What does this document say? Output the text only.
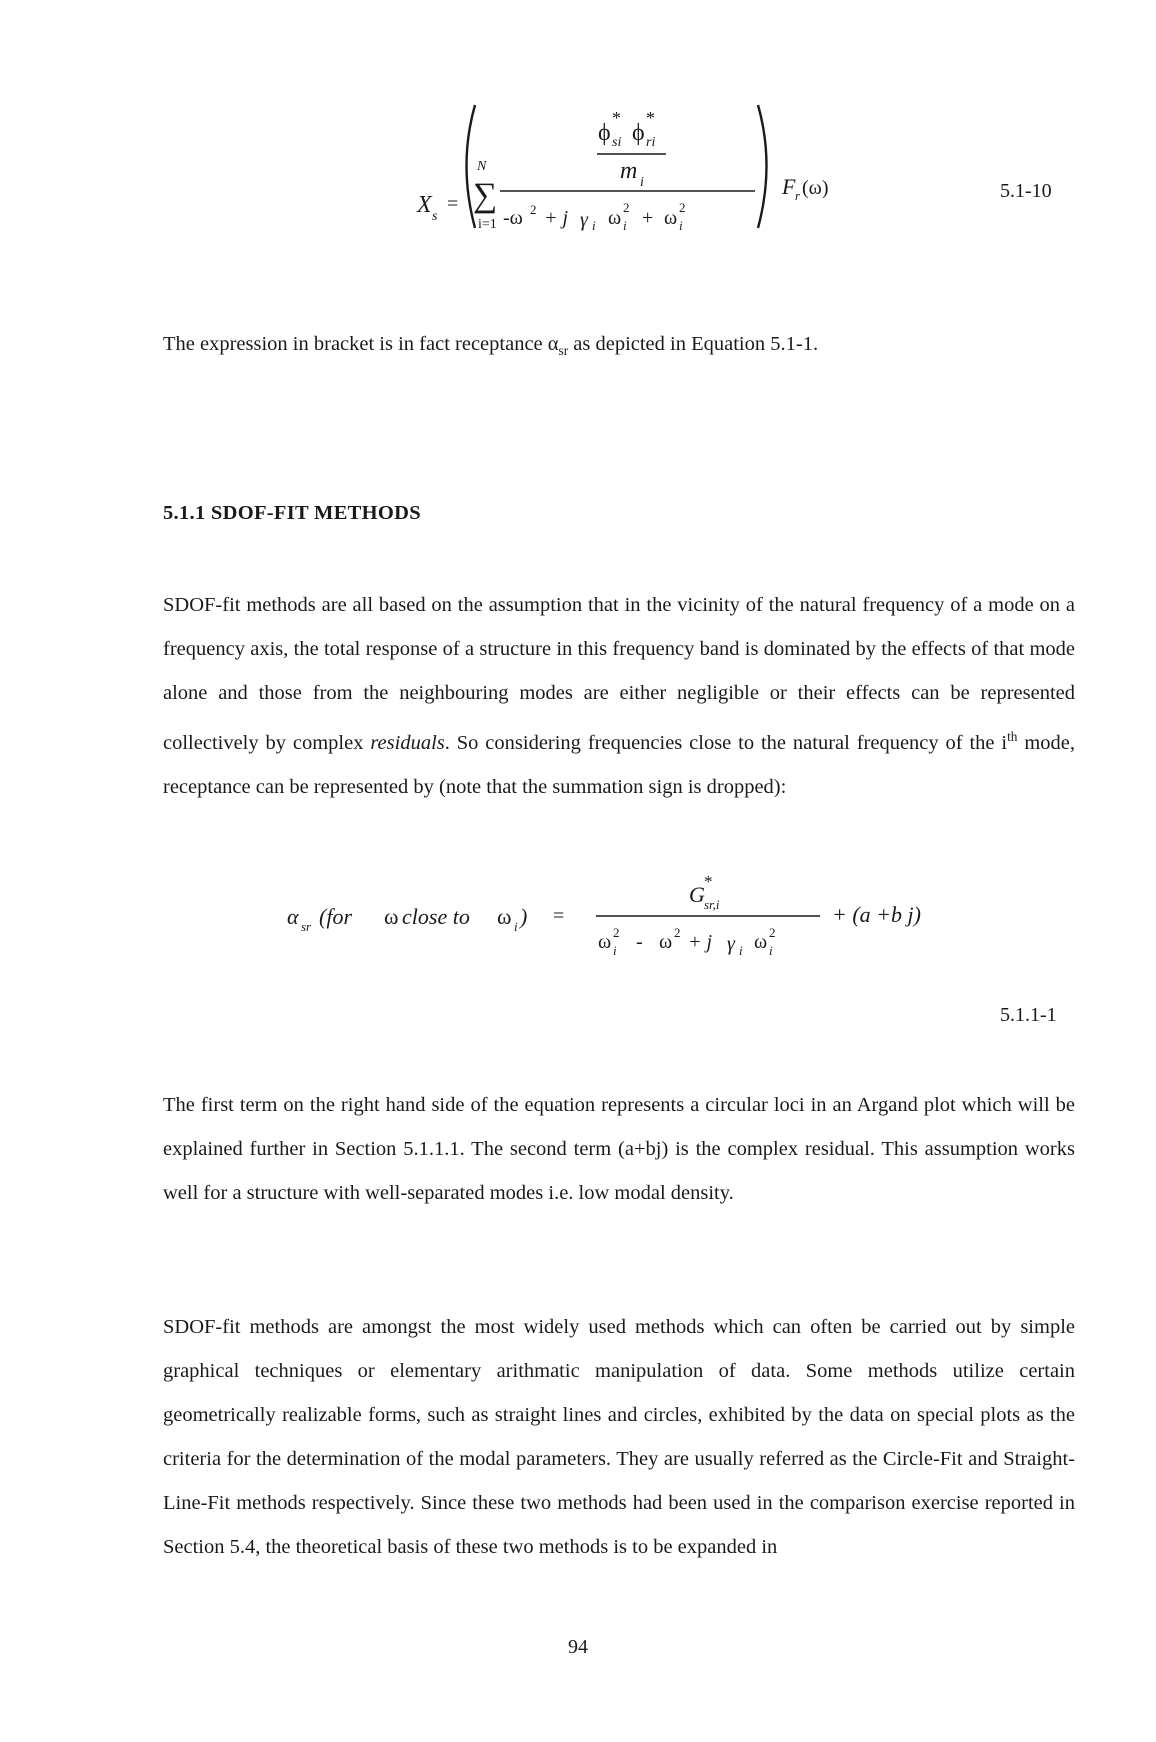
X s
=
N
∑
i=1
ϕ
*
si ϕ
*
ri
m i
-ω 2 + j γ i ω 2
i + ω 2
i
F r (ω)	5.1-10
The expression in bracket is in fact receptance $\alpha_{sr}$ as depicted in Equation 5.1-1.
5.1.1 SDOF-FIT METHODS
SDOF-fit methods are all based on the assumption that in the vicinity of the natural frequency of a mode on a frequency axis, the total response of a structure in this frequency band is dominated by the effects of that mode alone and those from the neighbouring modes are either negligible or their effects can be represented collectively by complex residuals. So considering frequencies close to the natural frequency of the $i^{th}$ mode, receptance can be represented by (note that the summation sign is dropped):
α sr (for ω close to ω i ) =
G
*
sr,i
ω 2
i - ω 2 + j γ i ω 2
i
+ (a +b j)
5.1.1-1
The first term on the right hand side of the equation represents a circular loci in an Argand plot which will be explained further in Section 5.1.1.1. The second term (a+bj) is the complex residual. This assumption works well for a structure with well-separated modes i.e. low modal density.
SDOF-fit methods are amongst the most widely used methods which can often be carried out by simple graphical techniques or elementary arithmatic manipulation of data. Some methods utilize certain geometrically realizable forms, such as straight lines and circles, exhibited by the data on special plots as the criteria for the determination of the modal parameters. They are usually referred as the Circle-Fit and Straight-Line-Fit methods respectively. Since these two methods had been used in the comparison exercise reported in Section 5.4, the theoretical basis of these two methods is to be expanded in
94
